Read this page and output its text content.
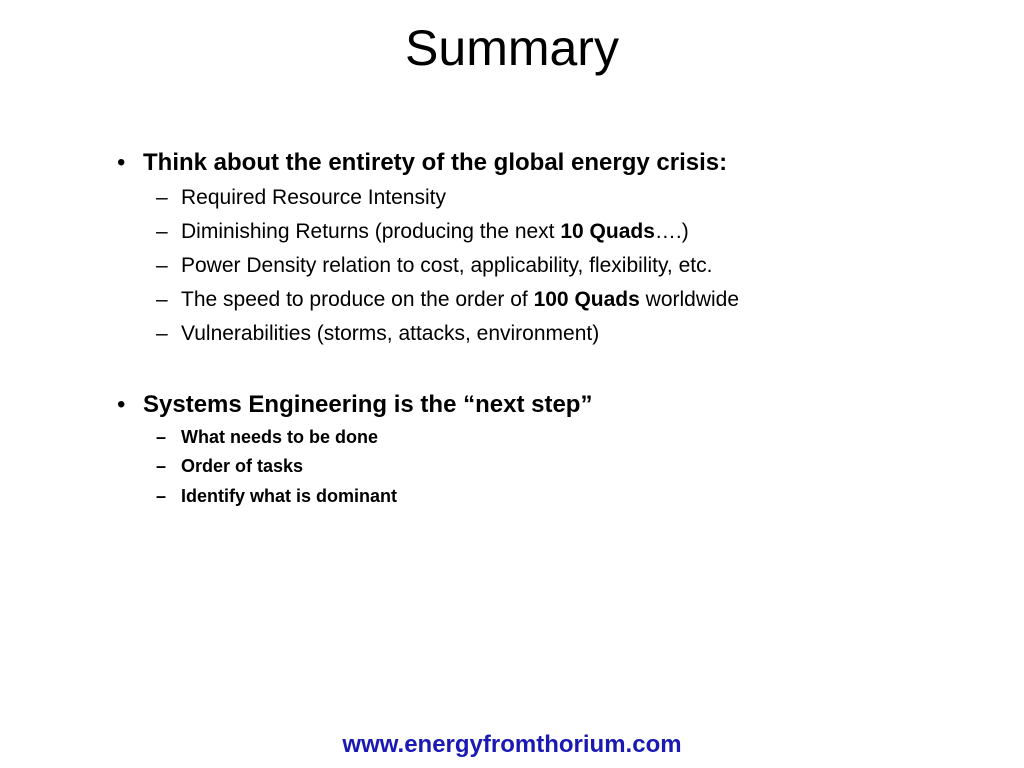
Summary
• Think about the entirety of the global energy crisis:
– Required Resource Intensity
– Diminishing Returns (producing the next 10 Quads….)
– Power Density relation to cost, applicability, flexibility, etc.
– The speed to produce on the order of 100 Quads worldwide
– Vulnerabilities (storms, attacks, environment)
• Systems Engineering is the “next step”
– What needs to be done
– Order of tasks
– Identify what is dominant
www.energyfromthorium.com
